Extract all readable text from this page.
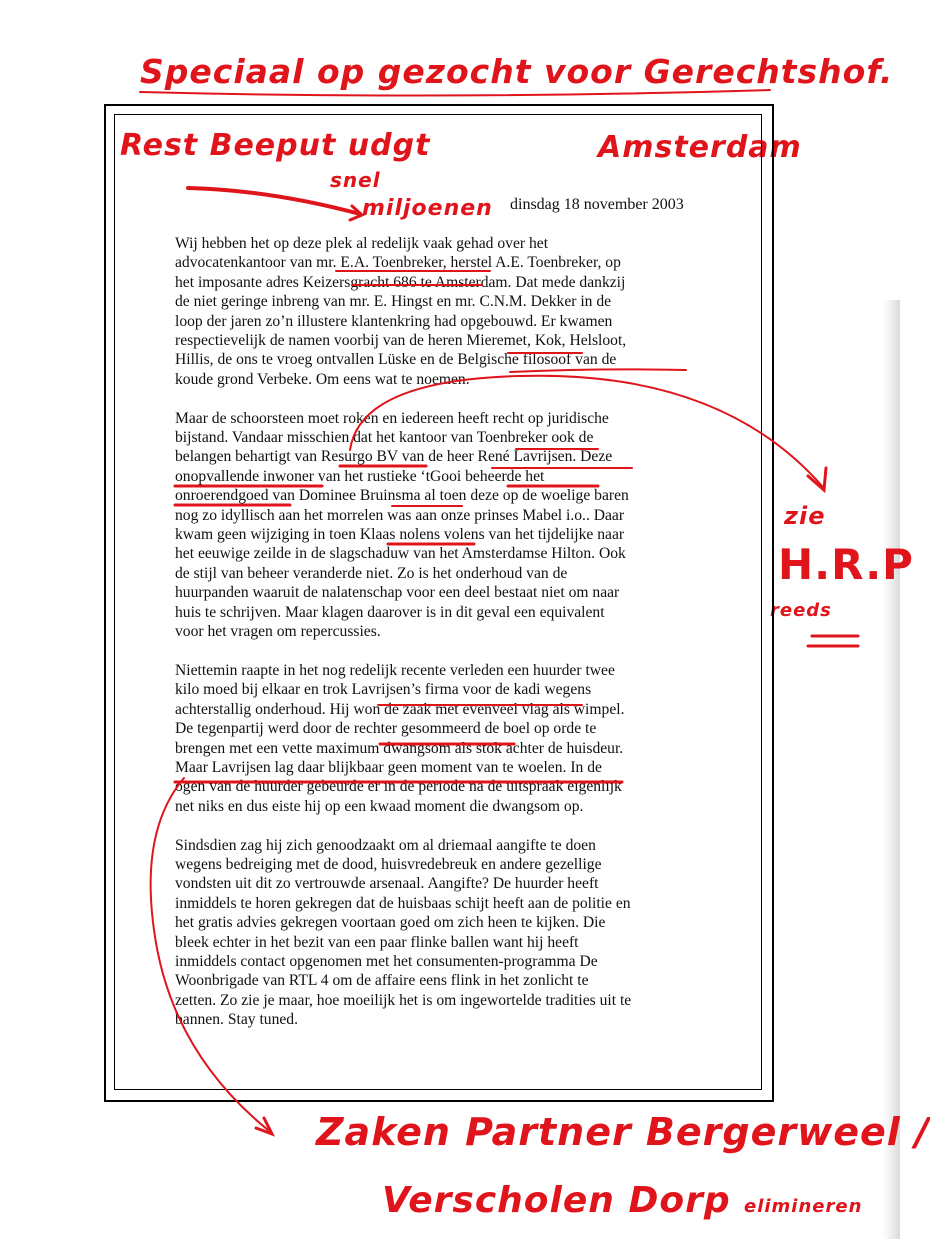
Speciaal op gezocht voor Gerechtshof.
Rest Beeput udgt	Amsterdam
snel
miljoenen
zie
H.R.P
reeds
Zaken Partner Bergerweel /
Verscholen Dorp elimineren
dinsdag 18 november 2003

Wij hebben het op deze plek al redelijk vaak gehad over het
advocatenkantoor van mr. E.A. Toenbreker, herstel A.E. Toenbreker, op
het imposante adres Keizersgracht 686 te Amsterdam. Dat mede dankzij
de niet geringe inbreng van mr. E. Hingst en mr. C.N.M. Dekker in de
loop der jaren zo’n illustere klantenkring had opgebouwd. Er kwamen
respectievelijk de namen voorbij van de heren Mieremet, Kok, Helsloot,
Hillis, de ons te vroeg ontvallen Lüske en de Belgische filosoof van de
koude grond Verbeke. Om eens wat te noemen.

Maar de schoorsteen moet roken en iedereen heeft recht op juridische
bijstand. Vandaar misschien dat het kantoor van Toenbreker ook de
belangen behartigt van Resurgo BV van de heer René Lavrijsen. Deze
onopvallende inwoner van het rustieke ‘tGooi beheerde het
onroerendgoed van Dominee Bruinsma al toen deze op de woelige baren
nog zo idyllisch aan het morrelen was aan onze prinses Mabel i.o.. Daar
kwam geen wijziging in toen Klaas nolens volens van het tijdelijke naar
het eeuwige zeilde in de slagschaduw van het Amsterdamse Hilton. Ook
de stijl van beheer veranderde niet. Zo is het onderhoud van de
huurpanden waaruit de nalatenschap voor een deel bestaat niet om naar
huis te schrijven. Maar klagen daarover is in dit geval een equivalent
voor het vragen om repercussies.

Niettemin raapte in het nog redelijk recente verleden een huurder twee
kilo moed bij elkaar en trok Lavrijsen’s firma voor de kadi wegens
achterstallig onderhoud. Hij won de zaak met evenveel vlag als wimpel.
De tegenpartij werd door de rechter gesommeerd de boel op orde te
brengen met een vette maximum dwangsom als stok achter de huisdeur.
Maar Lavrijsen lag daar blijkbaar geen moment van te woelen. In de
ogen van de huurder gebeurde er in de periode na de uitspraak eigenlijk
net niks en dus eiste hij op een kwaad moment die dwangsom op.

Sindsdien zag hij zich genoodzaakt om al driemaal aangifte te doen
wegens bedreiging met de dood, huisvredebreuk en andere gezellige
vondsten uit dit zo vertrouwde arsenaal. Aangifte? De huurder heeft
inmiddels te horen gekregen dat de huisbaas schijt heeft aan de politie en
het gratis advies gekregen voortaan goed om zich heen te kijken. Die
bleek echter in het bezit van een paar flinke ballen want hij heeft
inmiddels contact opgenomen met het consumenten-programma De
Woonbrigade van RTL 4 om de affaire eens flink in het zonlicht te
zetten. Zo zie je maar, hoe moeilijk het is om ingewortelde tradities uit te
bannen. Stay tuned.
